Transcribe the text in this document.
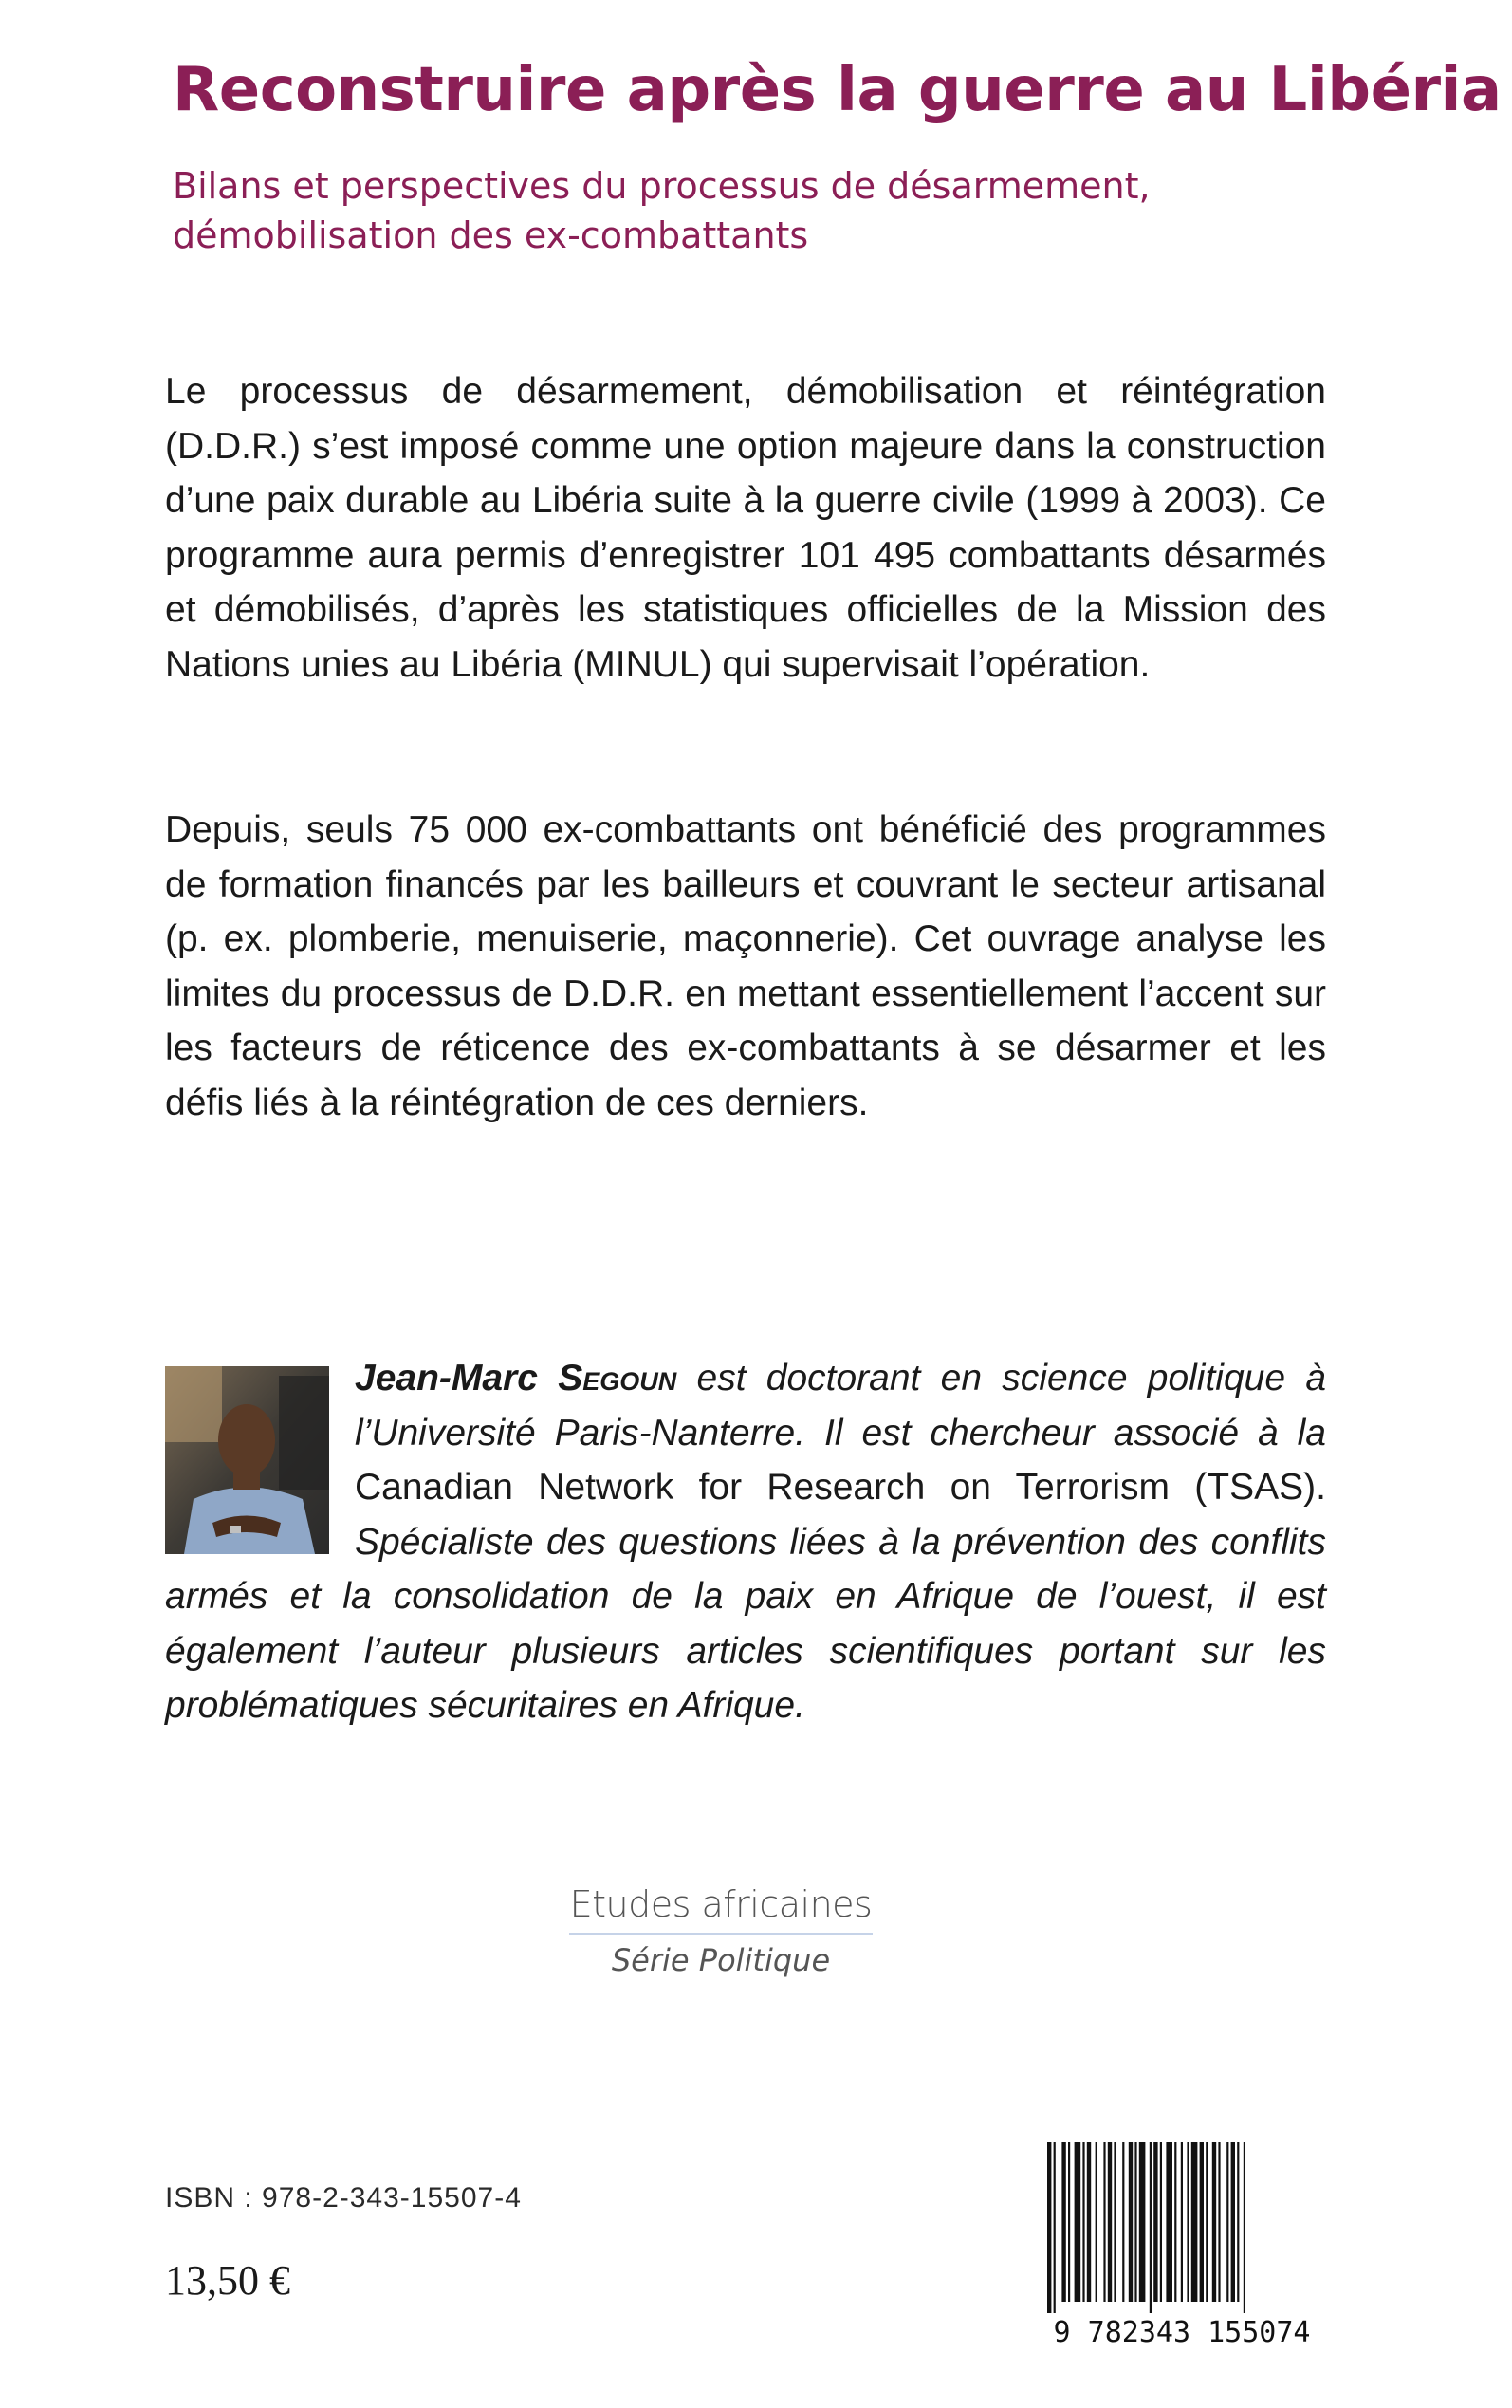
Reconstruire après la guerre au Libéria
Bilans et perspectives du processus de désarmement,
démobilisation des ex-combattants

Le processus de désarmement, démobilisation et réintégration (D.D.R.) s’est imposé comme une option majeure dans la construction d’une paix durable au Libéria suite à la guerre civile (1999 à 2003). Ce programme aura permis d’enregistrer 101 495 combattants désarmés et démobilisés, d’après les statistiques officielles de la Mission des Nations unies au Libéria (MINUL) qui supervisait l’opération.

Depuis, seuls 75 000 ex-combattants ont bénéficié des programmes de formation financés par les bailleurs et couvrant le secteur artisanal (p. ex. plomberie, menuiserie, maçonnerie). Cet ouvrage analyse les limites du processus de D.D.R. en mettant essentiellement l’accent sur les facteurs de réticence des ex-combattants à se désarmer et les défis liés à la réintégration de ces derniers.

Jean-Marc Segoun est doctorant en science politique à l’Université Paris-Nanterre. Il est chercheur associé à la Canadian Network for Research on Terrorism (TSAS). Spécialiste des questions liées à la prévention des conflits armés et la consolidation de la paix en Afrique de l’ouest, il est également l’auteur plusieurs articles scientifiques portant sur les problématiques sécuritaires en Afrique.

Etudes africaines
Série Politique
ISBN : 978-2-343-15507-4
13,50 €
9 782343 155074
